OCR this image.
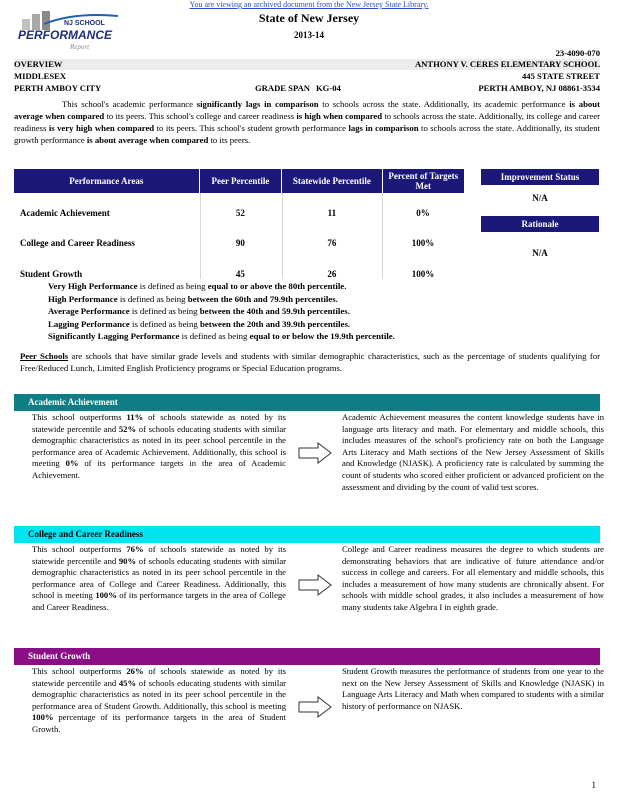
You are viewing an archived document from the New Jersey State Library.
NJ SCHOOL
PERFORMANCE
Report
State of New Jersey
2013-14
23-4090-070
OVERVIEW	ANTHONY V. CERES ELEMENTARY SCHOOL
MIDDLESEX	445 STATE STREET
PERTH AMBOY CITY	GRADE SPAN KG-04	PERTH AMBOY, NJ 08861-3534
This school's academic performance significantly lags in comparison to schools across the state. Additionally, its academic performance is about average when compared to its peers. This school's college and career readiness is high when compared to schools across the state. Additionally, its college and career readiness is very high when compared to its peers. This school's student growth performance lags in comparison to schools across the state. Additionally, its student growth performance is about average when compared to its peers.
Performance Areas	Peer Percentile	Statewide Percentile	Percent of Targets Met
Academic Achievement	52	11	0%
College and Career Readiness	90	76	100%
Student Growth	45	26	100%
Improvement Status
N/A
Rationale
N/A
Very High Performance is defined as being equal to or above the 80th percentile.
High Performance is defined as being between the 60th and 79.9th percentiles.
Average Performance is defined as being between the 40th and 59.9th percentiles.
Lagging Performance is defined as being between the 20th and 39.9th percentiles.
Significantly Lagging Performance is defined as being equal to or below the 19.9th percentile.
Peer Schools are schools that have similar grade levels and students with similar demographic characteristics, such as the percentage of students qualifying for Free/Reduced Lunch, Limited English Proficiency programs or Special Education programs.
Academic Achievement
This school outperforms 11% of schools statewide as noted by its statewide percentile and 52% of schools educating students with similar demographic characteristics as noted in its peer school percentile in the performance area of Academic Achievement. Additionally, this school is meeting 0% of its performance targets in the area of Academic Achievement.
Academic Achievement measures the content knowledge students have in language arts literacy and math. For elementary and middle schools, this includes measures of the school's proficiency rate on both the Language Arts Literacy and Math sections of the New Jersey Assessment of Skills and Knowledge (NJASK). A proficiency rate is calculated by summing the count of students who scored either proficient or advanced proficient on the assessment and dividing by the count of valid test scores.
College and Career Readiness
This school outperforms 76% of schools statewide as noted by its statewide percentile and 90% of schools educating students with similar demographic characteristics as noted in its peer school percentile in the performance area of College and Career Readiness. Additionally, this school is meeting 100% of its performance targets in the area of College and Career Readiness.
College and Career readiness measures the degree to which students are demonstrating behaviors that are indicative of future attendance and/or success in college and careers. For all elementary and middle schools, this includes a measurement of how many students are chronically absent. For schools with middle school grades, it also includes a measurement of how many students take Algebra I in eighth grade.
Student Growth
This school outperforms 26% of schools statewide as noted by its statewide percentile and 45% of schools educating students with similar demographic characteristics as noted in its peer school percentile in the performance area of Student Growth. Additionally, this school is meeting 100% percentage of its performance targets in the area of Student Growth.
Student Growth measures the performance of students from one year to the next on the New Jersey Assessment of Skills and Knowledge (NJASK) in Language Arts Literacy and Math when compared to students with a similar history of performance on NJASK.
1
